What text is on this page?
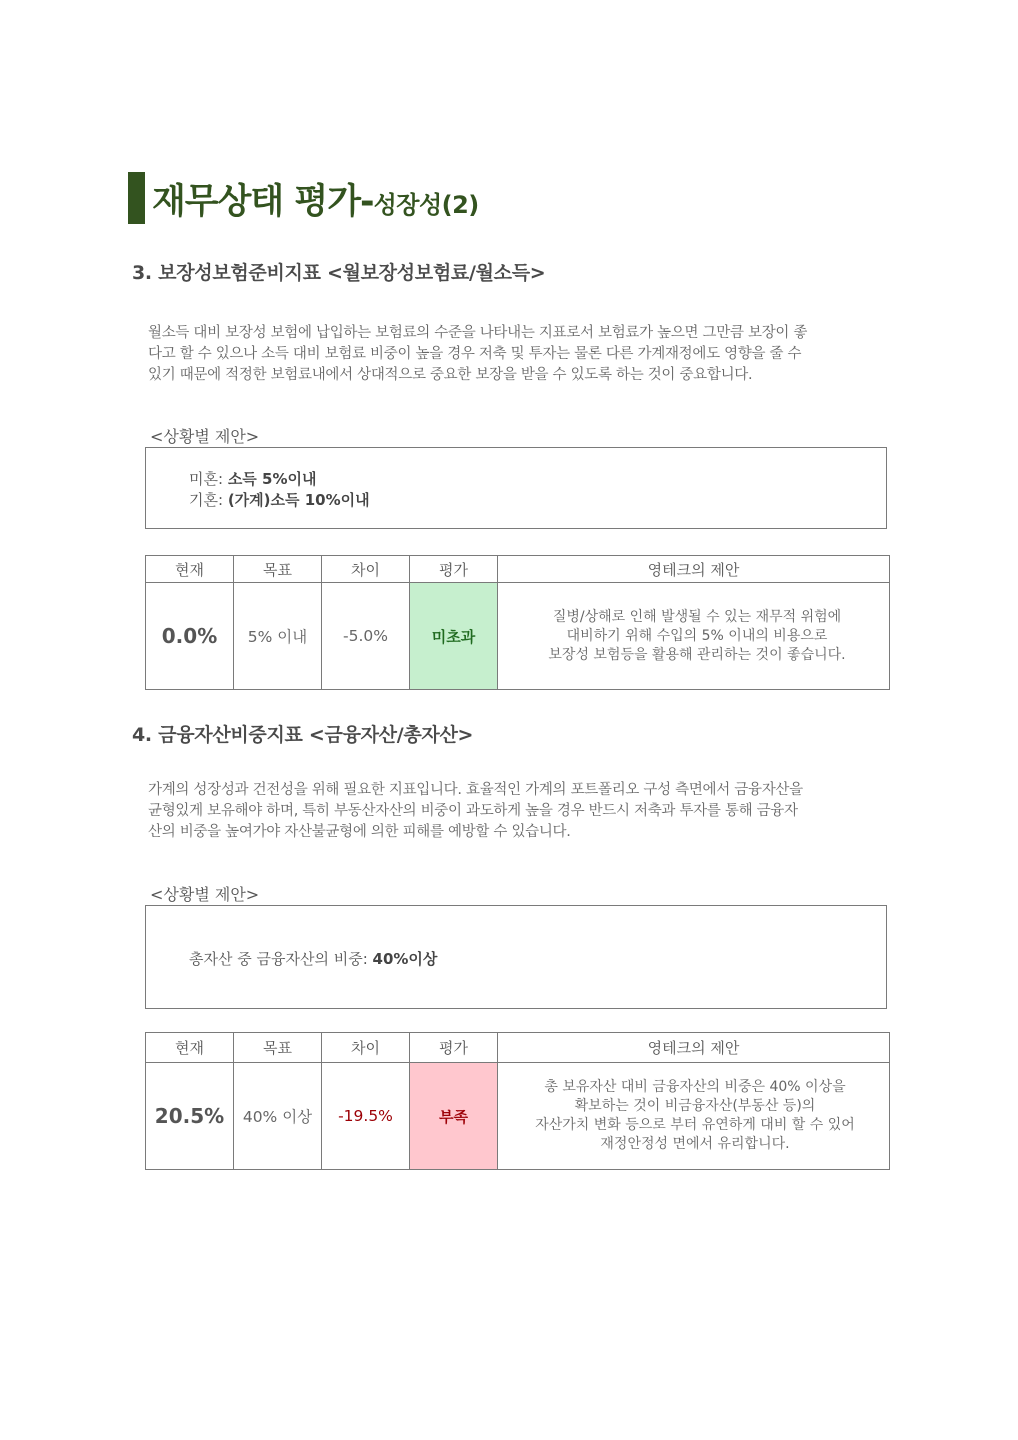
재무상태 평가-성장성(2)
3. 보장성보험준비지표 <월보장성보험료/월소득>
월소득 대비 보장성 보험에 납입하는 보험료의 수준을 나타내는 지표로서 보험료가 높으면 그만큼 보장이 좋
다고 할 수 있으나 소득 대비 보험료 비중이 높을 경우 저축 및 투자는 물론 다른 가계재정에도 영향을 줄 수
있기 때문에 적정한 보험료내에서 상대적으로 중요한 보장을 받을 수 있도록 하는 것이 중요합니다.
<상황별 제안>
미혼: 소득 5%이내
기혼: (가계)소득 10%이내
현재	목표	차이	평가	영테크의 제안
0.0%	5% 이내	-5.0%	미초과	질병/상해로 인해 발생될 수 있는 재무적 위험에
대비하기 위해 수입의 5% 이내의 비용으로
보장성 보험등을 활용해 관리하는 것이 좋습니다.
4. 금융자산비중지표 <금융자산/총자산>
가계의 성장성과 건전성을 위해 필요한 지표입니다. 효율적인 가계의 포트폴리오 구성 측면에서 금융자산을
균형있게 보유해야 하며, 특히 부동산자산의 비중이 과도하게 높을 경우 반드시 저축과 투자를 통해 금융자
산의 비중을 높여가야 자산불균형에 의한 피해를 예방할 수 있습니다.
<상황별 제안>
총자산 중 금융자산의 비중: 40%이상
현재	목표	차이	평가	영테크의 제안
20.5%	40% 이상	-19.5%	부족	총 보유자산 대비 금융자산의 비중은 40% 이상을
확보하는 것이 비금융자산(부동산 등)의
자산가치 변화 등으로 부터 유연하게 대비 할 수 있어
재정안정성 면에서 유리합니다.
